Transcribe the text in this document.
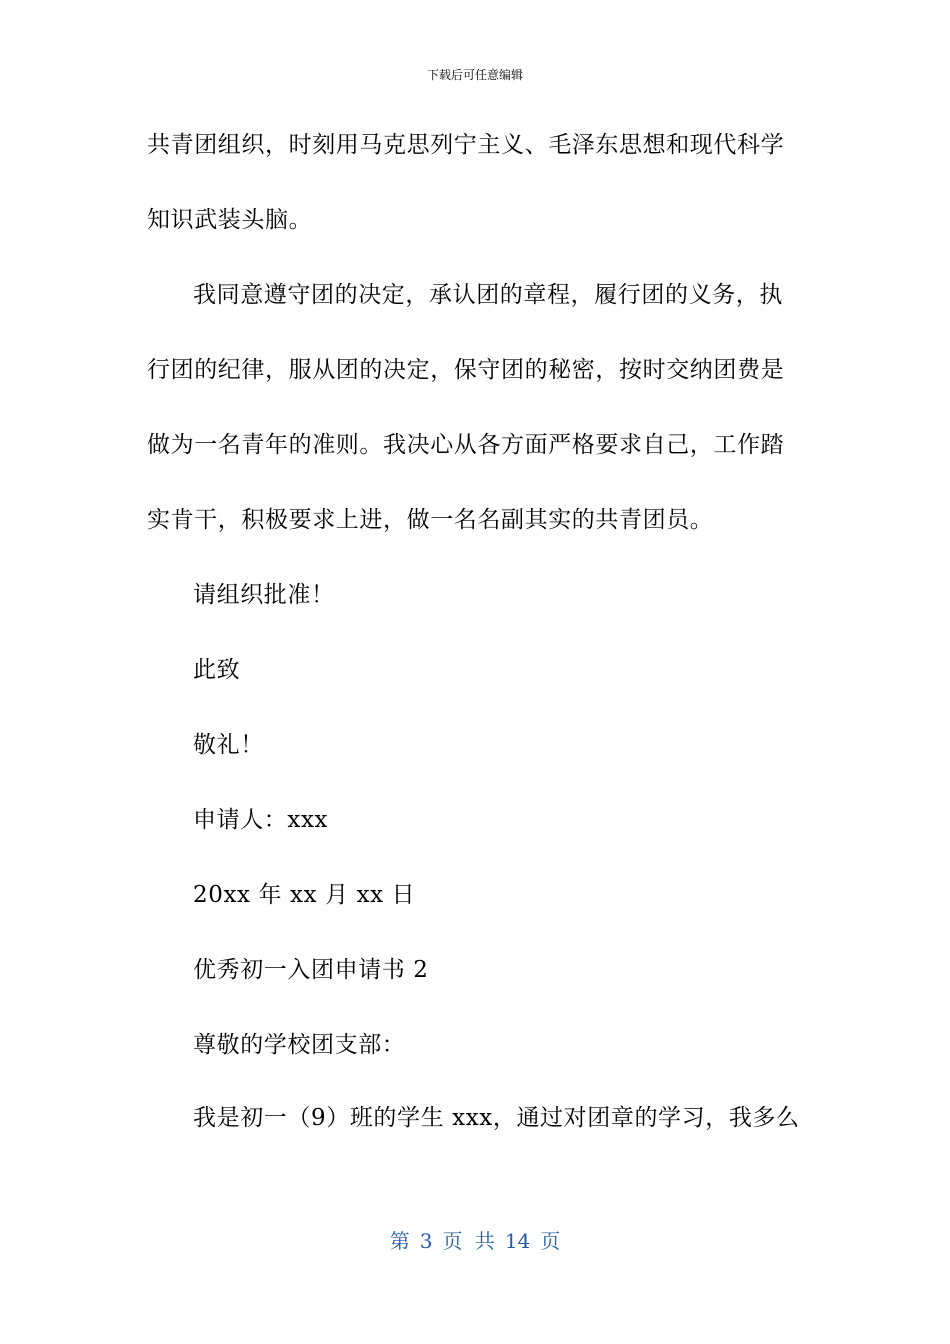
下载后可任意编辑
共青团组织，时刻用马克思列宁主义、毛泽东思想和现代科学
知识武装头脑。
我同意遵守团的决定，承认团的章程，履行团的义务，执
行团的纪律，服从团的决定，保守团的秘密，按时交纳团费是
做为一名青年的准则。我决心从各方面严格要求自己，工作踏
实肯干，积极要求上进，做一名名副其实的共青团员。
请组织批准！
此致
敬礼！
申请人：xxx
20xx 年 xx 月 xx 日
优秀初一入团申请书 2
尊敬的学校团支部：
我是初一（9）班的学生 xxx，通过对团章的学习，我多么
第 3 页 共 14 页
